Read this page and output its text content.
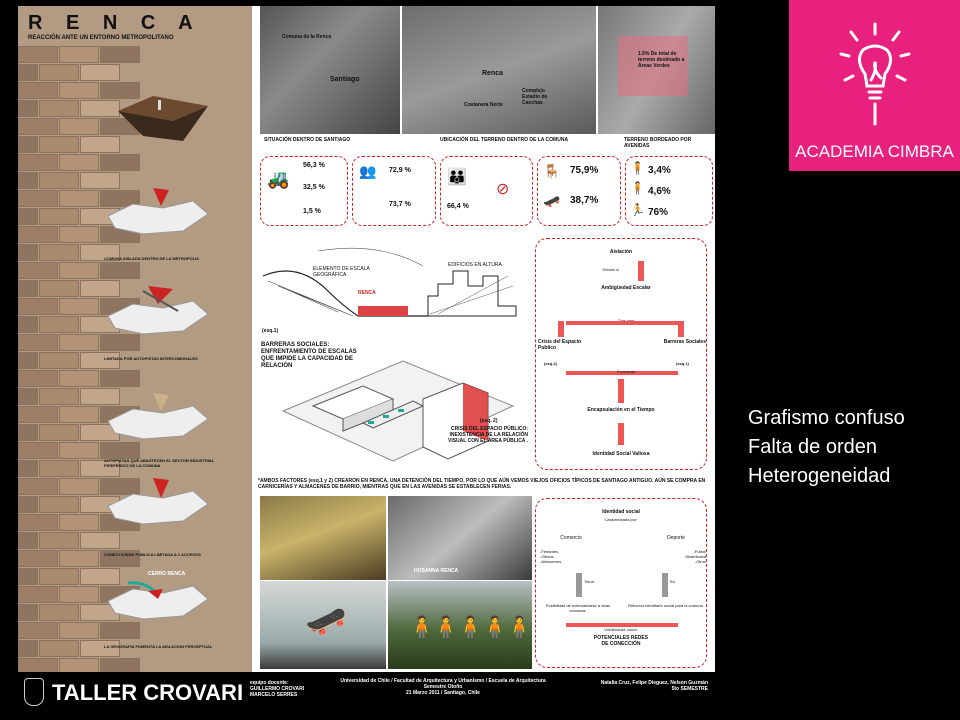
R E N C A
REACCIÓN ANTE UN ENTORNO METROPOLITANO
COMUNA AISLADA DENTRO DE LA METROPOLIS
LIMITADA POR AUTOPISTAS INTERCOMUNALES
AUTOPISTAS QUE ABASTECEN EL SECTOR INDUSTRIAL PERIFÉRICO DE LA COMUNA
CONECTIVIDAD PUBLICA LIMITADA A 2 ACCESOS
CERRO RENCA
LA GEOGRAFIA FOMENTA LA AISLACION PERCEPTUAL
Comuna de la Renca
Santiago
Renca
Costanera Norte
Complejo Estadio de Canchas
1.5% De total de terreno destinado a Áreas Verdes
SITUACIÓN DENTRO DE SANTIAGO	UBICACIÓN DEL TERRENO DENTRO DE LA COMUNA	TERRENO BORDEADO POR AVENIDAS
🚜
56,3 %
32,5 %
1,5 %
👥 72,9 %
73,7 %
👪
⊘
66,4 %
🪑
🛹
75,9%
38,7%
🧍
🧍
🏃
3,4%
4,6%
76%
ELEMENTO DE ESCALA GEOGRÁFICA
EDIFICIOS EN ALTURA
RENCA
(esq.1)
BARRERAS SOCIALES: ENFRENTAMIENTO DE ESCALAS QUE IMPIDE LA CAPACIDAD DE RELACIÓN
(esq. 2)
CRISIS DEL ESPACIO PÚBLICO: INEXISTENCIA DE LA RELACIÓN VISUAL CON EL ÁREA PÚBLICA .
Aislación
Debido a:
Ambigüedad Escalar
Crisis del Espacio Publico
Barreras Sociales
(esq.2)	(esq.1)
Formando
Encapsulación en el Tiempo
Identidad Social Valiosa
*AMBOS FACTORES (esq.1 y 2) CREARON EN RENCA, UNA DETENCIÓN DEL TIEMPO, POR LO QUE AÚN VEMOS VIEJOS OFICIOS TÍPICOS DE SANTIAGO ANTIGUO. AÚN SE COMPRA EN CARNICERÍAS Y ALMACENES DE BARRIO, MIENTRAS QUE EN LAS AVENIDAS SE ESTABLECEN FERIAS.
HOSANNA RENCA
🛹	🧍🧍🧍🧍🧍
Identidad social
Caracterizada por:
Comercio	Deporte
-Feriantes.
-Oficios.
-Almacenes.
-Futbol
-Skateboard
-Otros
Tiene:	Es:
Posibilidad de externalizarse a otras comunas.
Refuerzo identitario social para la comuna.
Volviéndose como:
POTENCIALES REDES DE CONECCIÓN
TALLER CROVARI equipo docente:
GUILLERMO CROVARI
MARCELO SERRES
Universidad de Chile / Facultad de Arquitectura y Urbanismo / Escuela de Arquitectura
Semestre Otoño
21 Marzo 2011 / Santiago, Chile
Natalia Cruz, Felipe Dieguez, Nelson Guzmán
5to SEMESTRE
ACADEMIA CIMBRA
Grafismo confuso
Falta de orden
Heterogeneidad
